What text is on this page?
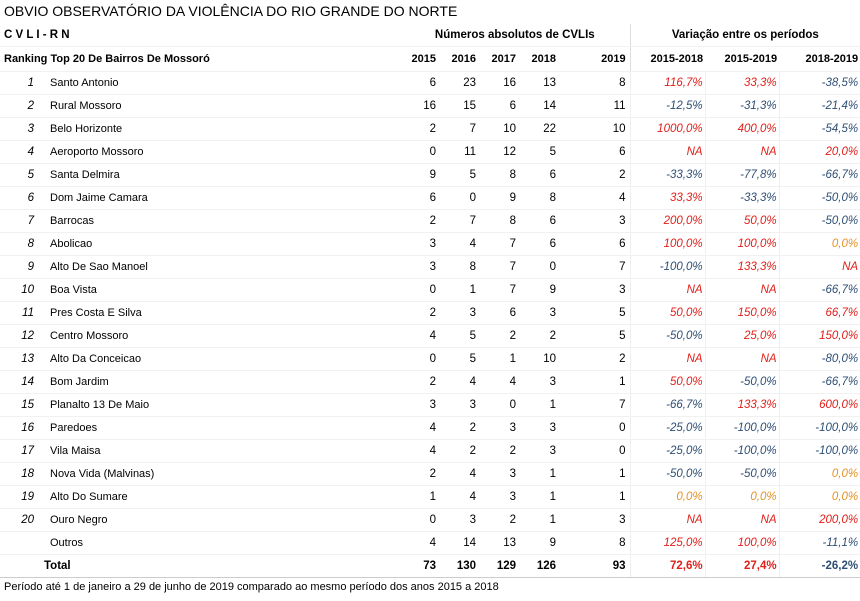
OBVIO OBSERVATÓRIO DA VIOLÊNCIA DO RIO GRANDE DO NORTE
C V L I - R N		Números absolutos de CVLIs					Variação entre os períodos		
Ranking Top 20 De Bairros De Mossoró		2015	2016	2017	2018	2019	2015-2018	2015-2019	2018-2019
1	Santo Antonio	6	23	16	13	8	116,7%	33,3%	-38,5%
2	Rural Mossoro	16	15	6	14	11	-12,5%	-31,3%	-21,4%
3	Belo Horizonte	2	7	10	22	10	1000,0%	400,0%	-54,5%
4	Aeroporto Mossoro	0	11	12	5	6	NA	NA	20,0%
5	Santa Delmira	9	5	8	6	2	-33,3%	-77,8%	-66,7%
6	Dom Jaime Camara	6	0	9	8	4	33,3%	-33,3%	-50,0%
7	Barrocas	2	7	8	6	3	200,0%	50,0%	-50,0%
8	Abolicao	3	4	7	6	6	100,0%	100,0%	0,0%
9	Alto De Sao Manoel	3	8	7	0	7	-100,0%	133,3%	NA
10	Boa Vista	0	1	7	9	3	NA	NA	-66,7%
11	Pres Costa E Silva	2	3	6	3	5	50,0%	150,0%	66,7%
12	Centro Mossoro	4	5	2	2	5	-50,0%	25,0%	150,0%
13	Alto Da Conceicao	0	5	1	10	2	NA	NA	-80,0%
14	Bom Jardim	2	4	4	3	1	50,0%	-50,0%	-66,7%
15	Planalto 13 De Maio	3	3	0	1	7	-66,7%	133,3%	600,0%
16	Paredoes	4	2	3	3	0	-25,0%	-100,0%	-100,0%
17	Vila Maisa	4	2	2	3	0	-25,0%	-100,0%	-100,0%
18	Nova Vida (Malvinas)	2	4	3	1	1	-50,0%	-50,0%	0,0%
19	Alto Do Sumare	1	4	3	1	1	0,0%	0,0%	0,0%
20	Ouro Negro	0	3	2	1	3	NA	NA	200,0%
	Outros	4	14	13	9	8	125,0%	100,0%	-11,1%
	Total	73	130	129	126	93	72,6%	27,4%	-26,2%
Período até 1 de janeiro a 29 de junho de 2019 comparado ao mesmo período dos anos 2015 a 2018
